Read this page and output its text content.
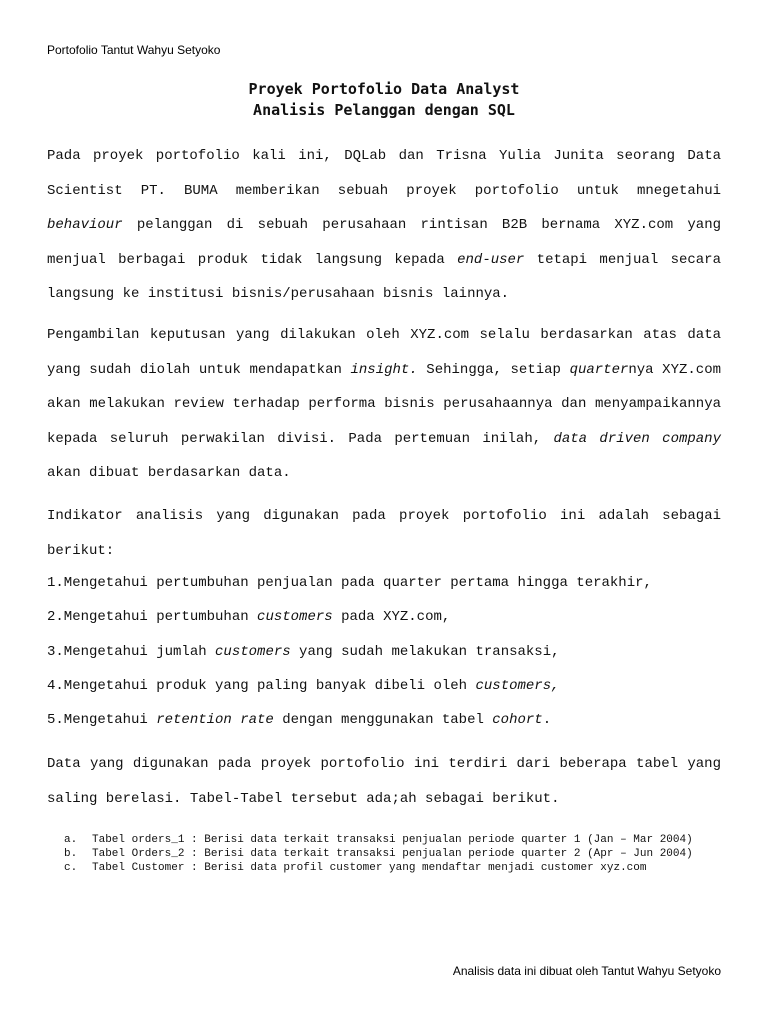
Portofolio Tantut Wahyu Setyoko
Proyek Portofolio Data Analyst
Analisis Pelanggan dengan SQL
Pada proyek portofolio kali ini, DQLab dan Trisna Yulia Junita seorang Data Scientist PT. BUMA memberikan sebuah proyek portofolio untuk mnegetahui behaviour pelanggan di sebuah perusahaan rintisan B2B bernama XYZ.com yang menjual berbagai produk tidak langsung kepada end-user tetapi menjual secara langsung ke institusi bisnis/perusahaan bisnis lainnya.
Pengambilan keputusan yang dilakukan oleh XYZ.com selalu berdasarkan atas data yang sudah diolah untuk mendapatkan insight. Sehingga, setiap quarternya XYZ.com akan melakukan review terhadap performa bisnis perusahaannya dan menyampaikannya kepada seluruh perwakilan divisi. Pada pertemuan inilah, data driven company akan dibuat berdasarkan data.
Indikator analisis yang digunakan pada proyek portofolio ini adalah sebagai berikut:
1.Mengetahui pertumbuhan penjualan pada quarter pertama hingga terakhir,
2.Mengetahui pertumbuhan customers pada XYZ.com,
3.Mengetahui jumlah customers yang sudah melakukan transaksi,
4.Mengetahui produk yang paling banyak dibeli oleh customers,
5.Mengetahui retention rate dengan menggunakan tabel cohort.
Data yang digunakan pada proyek portofolio ini terdiri dari beberapa tabel yang saling berelasi. Tabel-Tabel tersebut ada;ah sebagai berikut.
a. Tabel orders_1 : Berisi data terkait transaksi penjualan periode quarter 1 (Jan – Mar 2004)
b. Tabel Orders_2 : Berisi data terkait transaksi penjualan periode quarter 2 (Apr – Jun 2004)
c. Tabel Customer : Berisi data profil customer yang mendaftar menjadi customer xyz.com
Analisis data ini dibuat oleh Tantut Wahyu Setyoko
